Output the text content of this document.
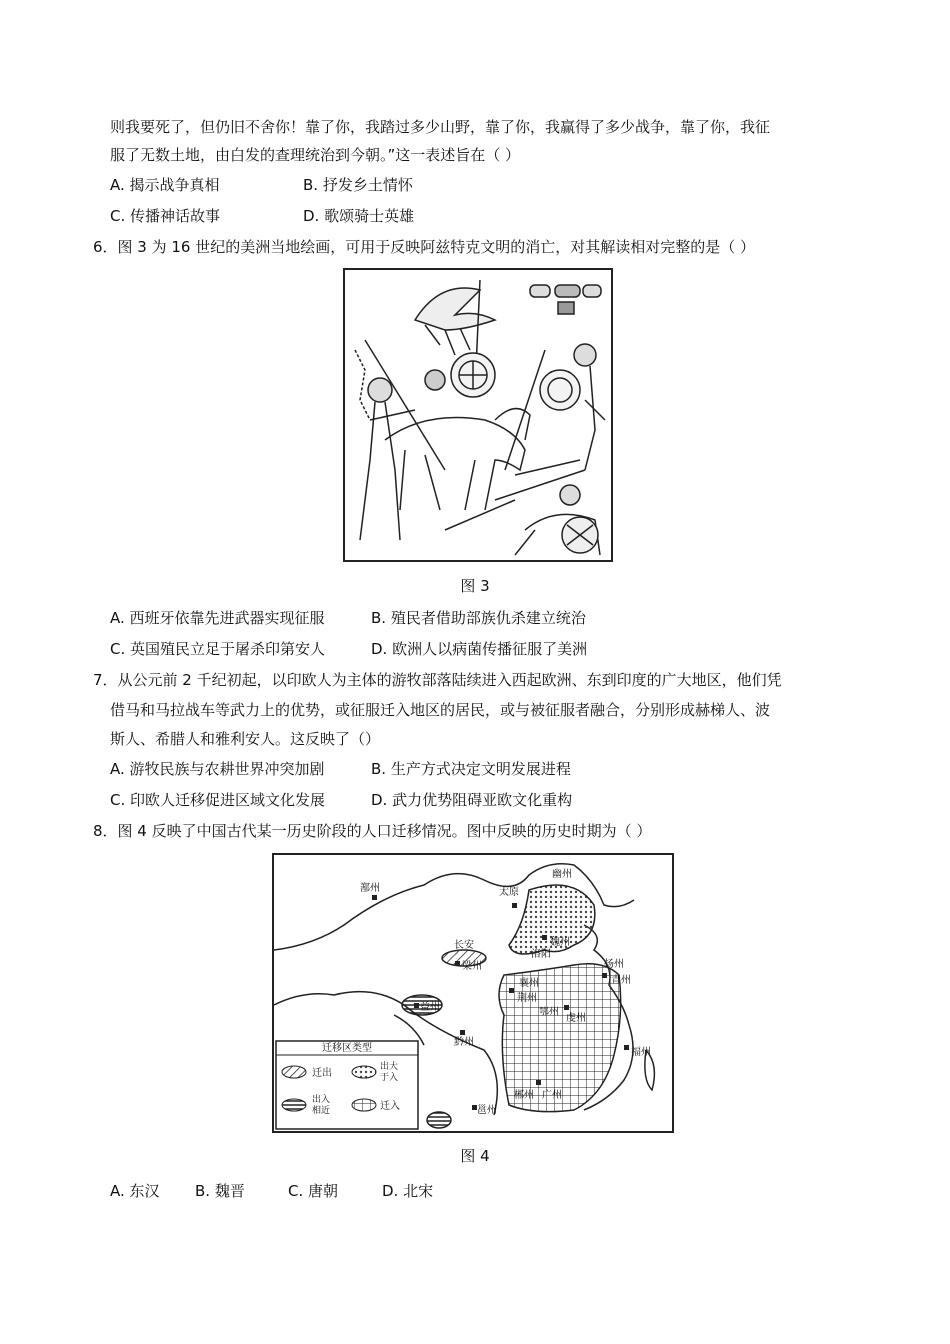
则我要死了，但仍旧不舍你！靠了你，我踏过多少山野，靠了你，我赢得了多少战争，靠了你，我征
服了无数土地，由白发的查理统治到今朝。”这一表述旨在（ ）
A. 揭示战争真相	B. 抒发乡土情怀
C. 传播神话故事	D. 歌颂骑士英雄
6．图 3 为 16 世纪的美洲当地绘画，可用于反映阿兹特克文明的消亡，对其解读相对完整的是（ ）
图 3
A. 西班牙依靠先进武器实现征服	B. 殖民者借助部族仇杀建立统治
C. 英国殖民立足于屠杀印第安人	D. 欧洲人以病菌传播征服了美洲
7．从公元前 2 千纪初起，以印欧人为主体的游牧部落陆续进入西起欧洲、东到印度的广大地区，他们凭
借马和马拉战车等武力上的优势，或征服迁入地区的居民，或与被征服者融合，分别形成赫梯人、波
斯人、希腊人和雅利安人。这反映了（）
A. 游牧民族与农耕世界冲突加剧	B. 生产方式决定文明发展进程
C. 印欧人迁移促进区域文化发展	D. 武力优势阻碍亚欧文化重构
8．图 4 反映了中国古代某一历史阶段的人口迁移情况。图中反映的历史时期为（ ）
幽州
太原
魏州
洛阳
鄯州
长安
梁州
益州
黔州
扬州
青州
襄州
荆州
鄂州
虔州
福州
郴州 广州
邕州
迁移区类型
迁出
出大
于入
出入
相近	迁入
图 4
A. 东汉 B. 魏晋	C. 唐朝	D. 北宋
